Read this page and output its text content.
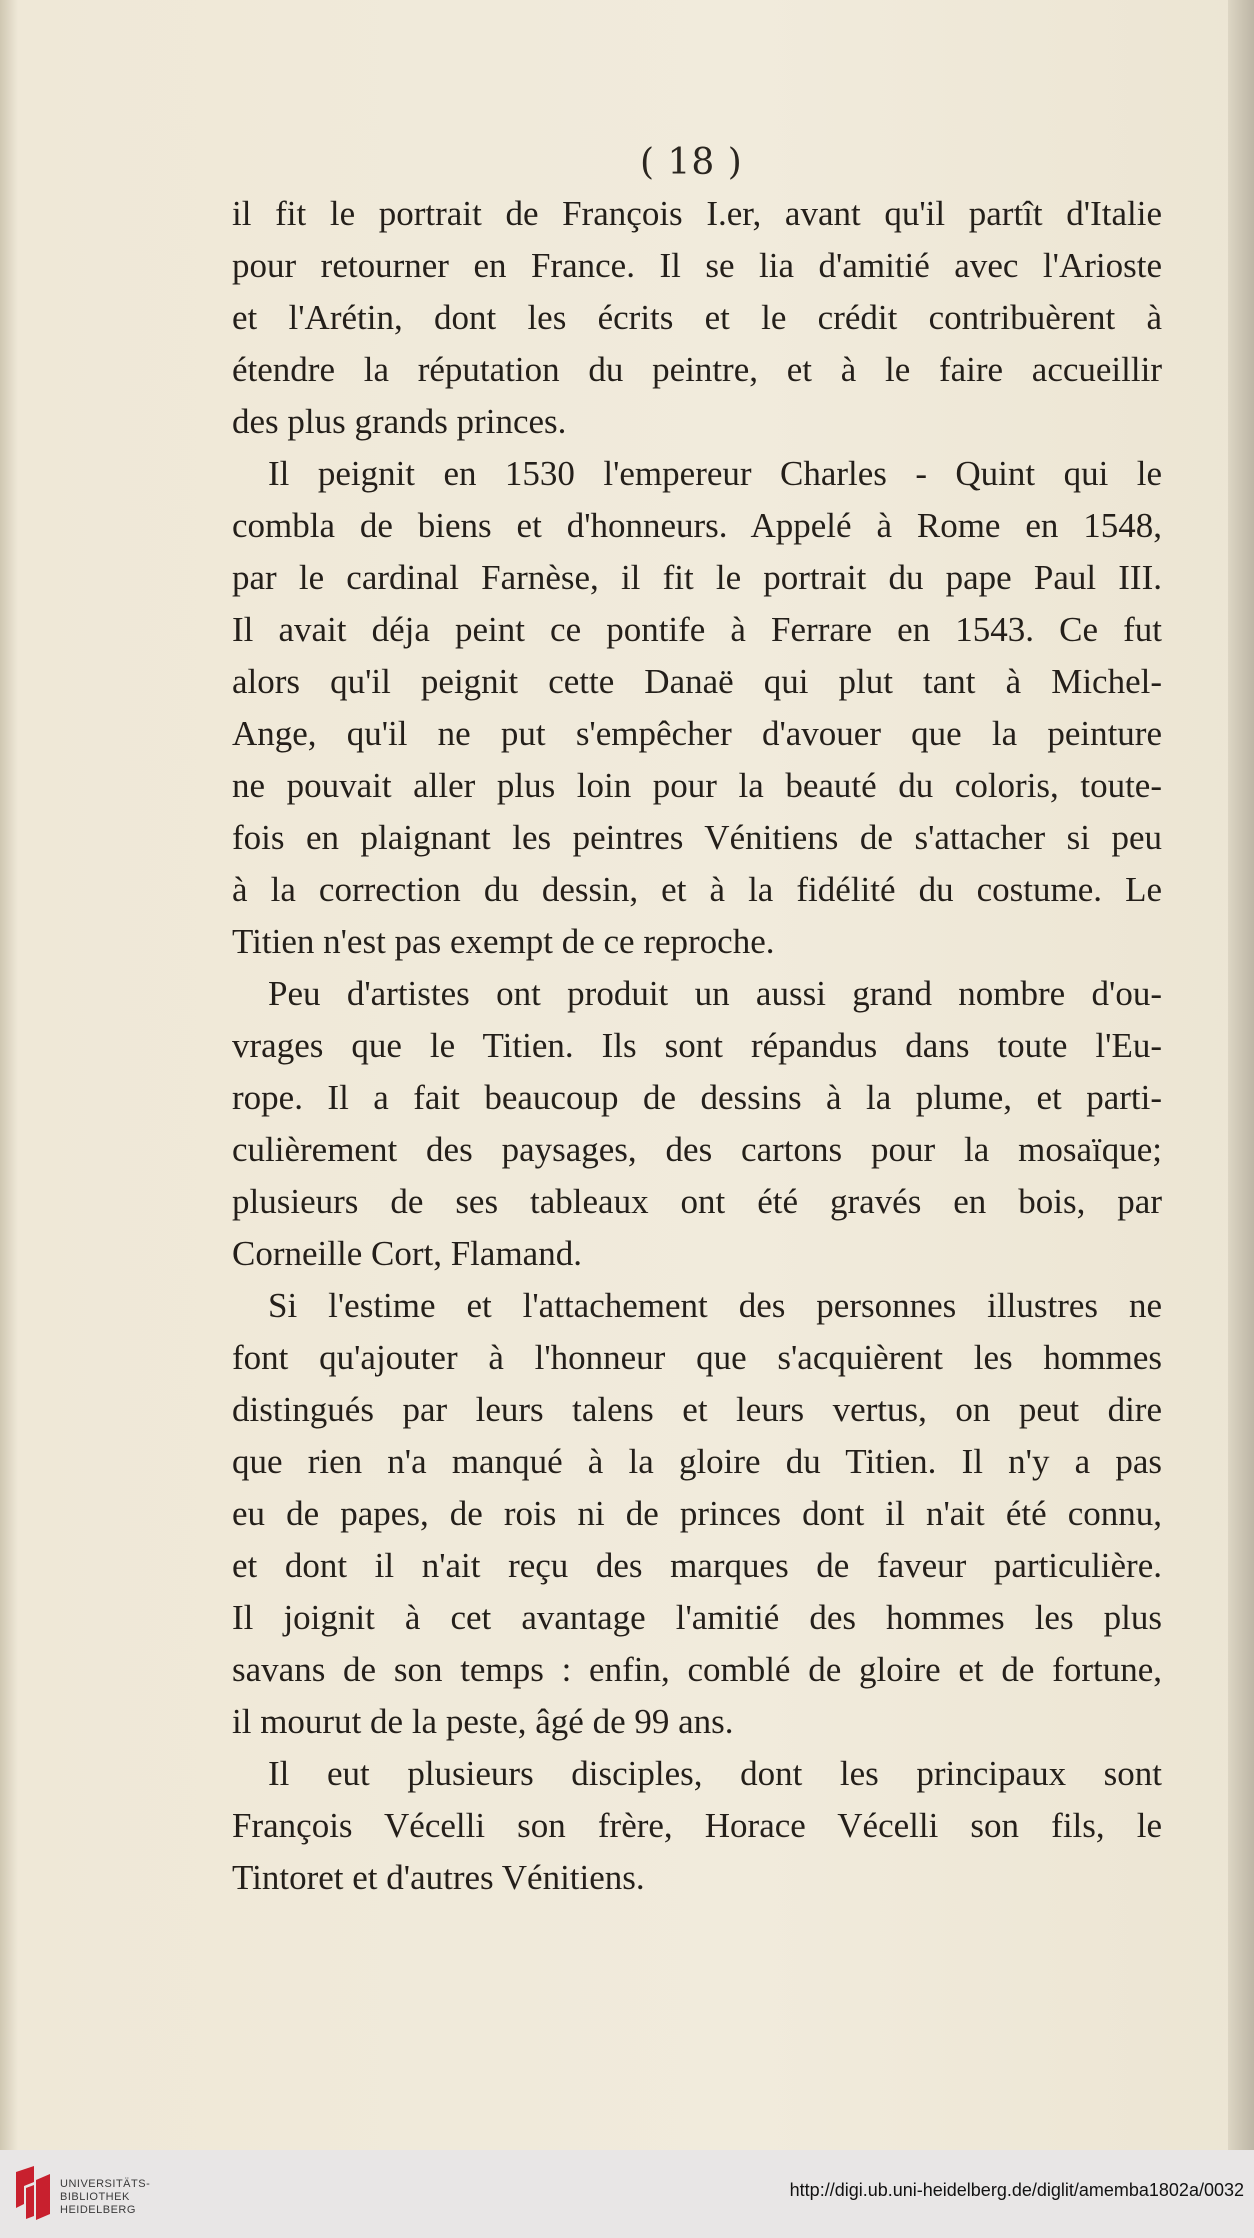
( 18 )
il fit le portrait de François I.er, avant qu'il partît d'Italie
pour retourner en France. Il se lia d'amitié avec l'Arioste
et l'Arétin, dont les écrits et le crédit contribuèrent à
étendre la réputation du peintre, et à le faire accueillir
des plus grands princes.
Il peignit en 1530 l'empereur Charles - Quint qui le
combla de biens et d'honneurs. Appelé à Rome en 1548,
par le cardinal Farnèse, il fit le portrait du pape Paul III.
Il avait déja peint ce pontife à Ferrare en 1543. Ce fut
alors qu'il peignit cette Danaë qui plut tant à Michel-
Ange, qu'il ne put s'empêcher d'avouer que la peinture
ne pouvait aller plus loin pour la beauté du coloris, toute-
fois en plaignant les peintres Vénitiens de s'attacher si peu
à la correction du dessin, et à la fidélité du costume. Le
Titien n'est pas exempt de ce reproche.
Peu d'artistes ont produit un aussi grand nombre d'ou-
vrages que le Titien. Ils sont répandus dans toute l'Eu-
rope. Il a fait beaucoup de dessins à la plume, et parti-
culièrement des paysages, des cartons pour la mosaïque;
plusieurs de ses tableaux ont été gravés en bois, par
Corneille Cort, Flamand.
Si l'estime et l'attachement des personnes illustres ne
font qu'ajouter à l'honneur que s'acquièrent les hommes
distingués par leurs talens et leurs vertus, on peut dire
que rien n'a manqué à la gloire du Titien. Il n'y a pas
eu de papes, de rois ni de princes dont il n'ait été connu,
et dont il n'ait reçu des marques de faveur particulière.
Il joignit à cet avantage l'amitié des hommes les plus
savans de son temps : enfin, comblé de gloire et de fortune,
il mourut de la peste, âgé de 99 ans.
Il eut plusieurs disciples, dont les principaux sont
François Vécelli son frère, Horace Vécelli son fils, le
Tintoret et d'autres Vénitiens.
UNIVERSITÄTS-
BIBLIOTHEK
HEIDELBERG
http://digi.ub.uni-heidelberg.de/diglit/amemba1802a/0032
